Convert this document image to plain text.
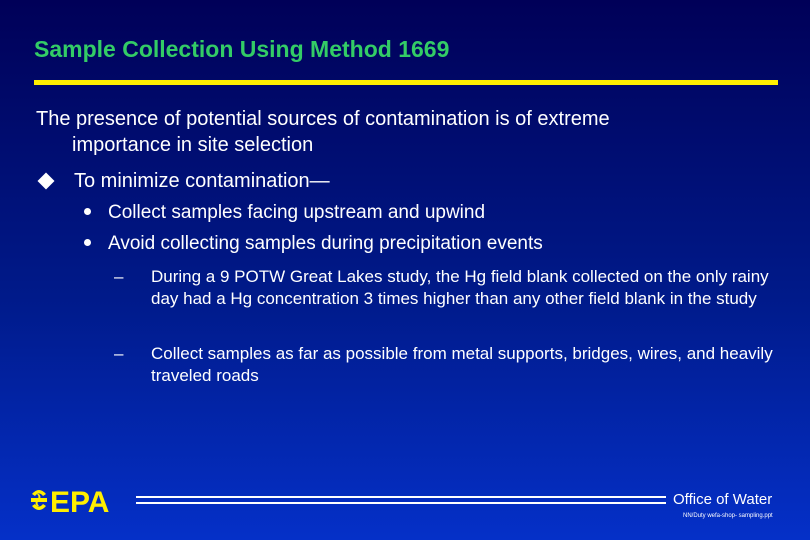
Sample Collection Using Method 1669
The presence of potential sources of contamination is of extreme
importance in site selection
To minimize contamination—
Collect samples facing upstream and upwind
Avoid collecting samples during precipitation events
–	During a 9 POTW Great Lakes study, the Hg field blank collected on the only rainy day had a Hg concentration 3 times higher than any other field blank in the study
–	Collect samples as far as possible from metal supports, bridges, wires, and heavily traveled roads
EPA	Office of Water
NN/Duty wefa-shop- sampling.ppt
